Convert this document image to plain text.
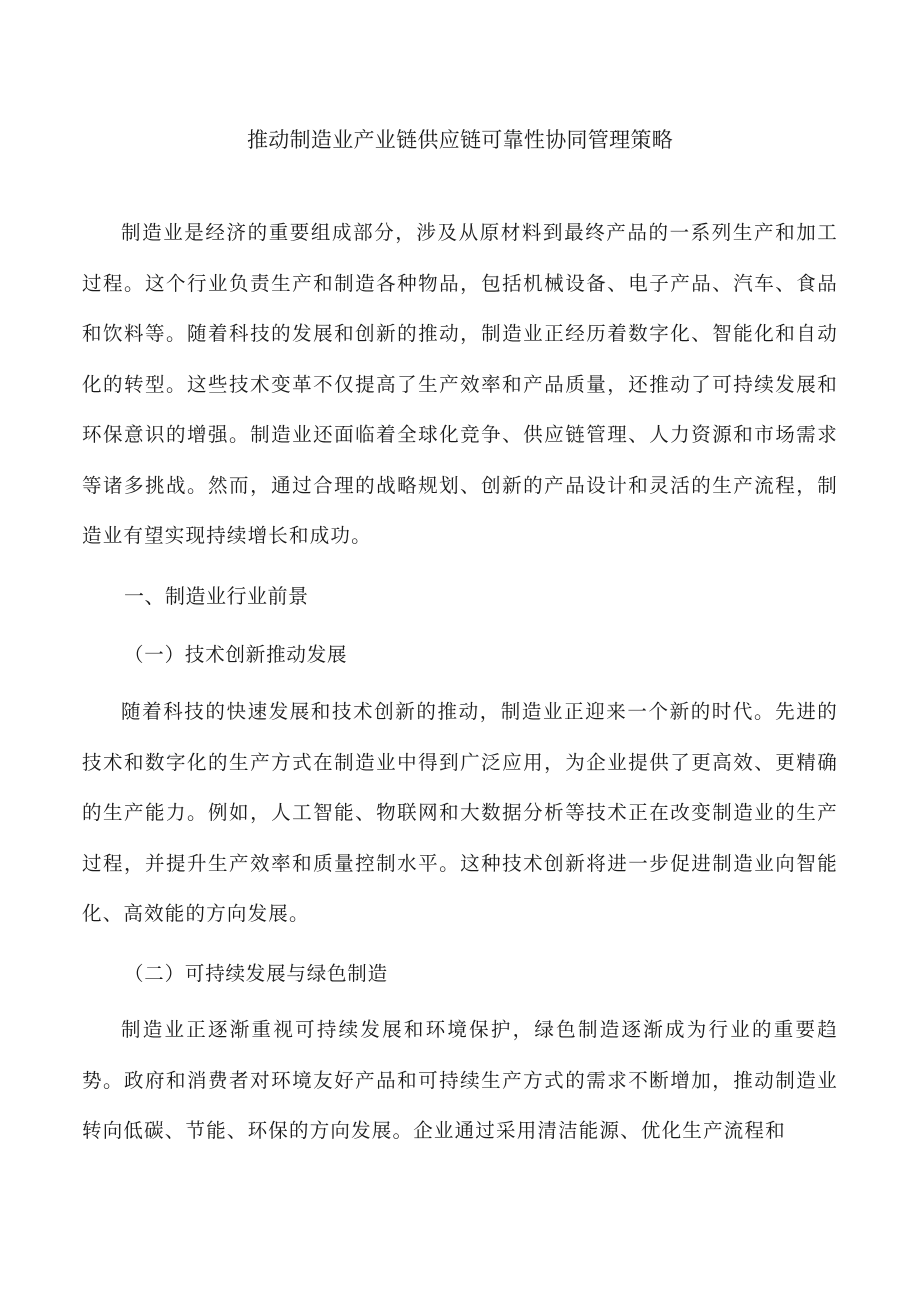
推动制造业产业链供应链可靠性协同管理策略

制造业是经济的重要组成部分，涉及从原材料到最终产品的一系列生产和加工过程。这个行业负责生产和制造各种物品，包括机械设备、电子产品、汽车、食品和饮料等。随着科技的发展和创新的推动，制造业正经历着数字化、智能化和自动化的转型。这些技术变革不仅提高了生产效率和产品质量，还推动了可持续发展和环保意识的增强。制造业还面临着全球化竞争、供应链管理、人力资源和市场需求等诸多挑战。然而，通过合理的战略规划、创新的产品设计和灵活的生产流程，制造业有望实现持续增长和成功。

一、制造业行业前景
（一）技术创新推动发展

随着科技的快速发展和技术创新的推动，制造业正迎来一个新的时代。先进的技术和数字化的生产方式在制造业中得到广泛应用，为企业提供了更高效、更精确的生产能力。例如，人工智能、物联网和大数据分析等技术正在改变制造业的生产过程，并提升生产效率和质量控制水平。这种技术创新将进一步促进制造业向智能化、高效能的方向发展。

（二）可持续发展与绿色制造

制造业正逐渐重视可持续发展和环境保护，绿色制造逐渐成为行业的重要趋势。政府和消费者对环境友好产品和可持续生产方式的需求不断增加，推动制造业转向低碳、节能、环保的方向发展。企业通过采用清洁能源、优化生产流程和
